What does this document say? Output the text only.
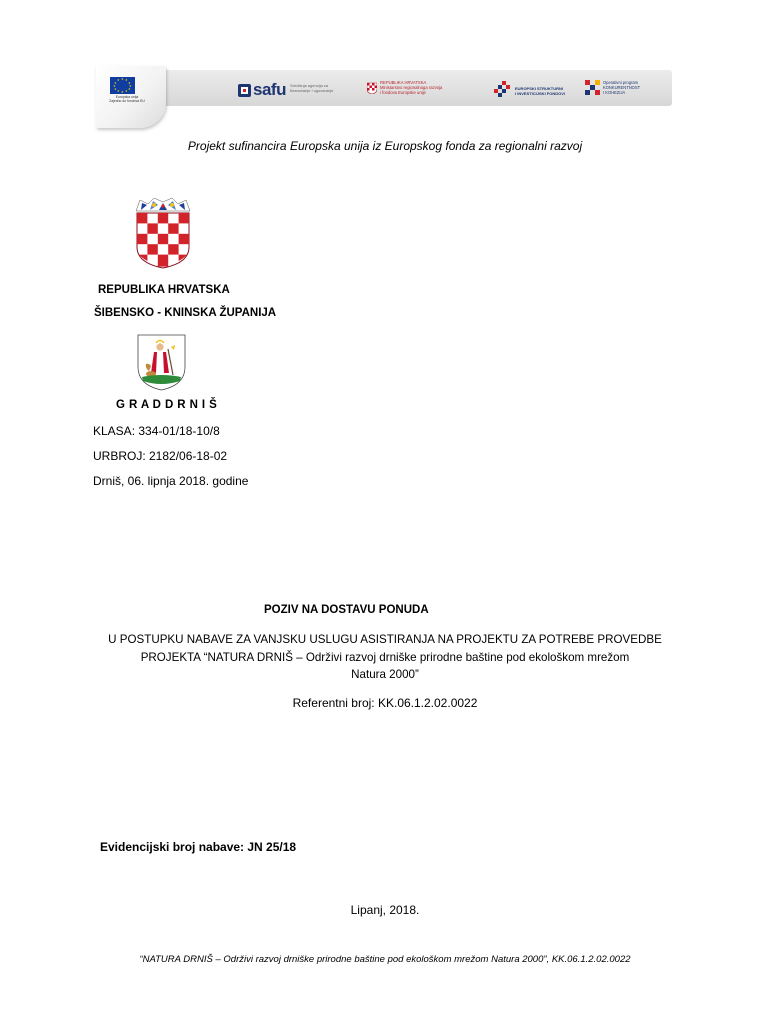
★ ★
★
★
★
★
★
★
★
★
★
★
Europska unija
Zajedno do fondova EU
safu Središnja agencija za
financiranje i ugovaranje
REPUBLIKA HRVATSKA
Ministarstvo regionalnoga razvoja
i fondova Europske unije
EUROPSKI STRUKTURNI
I INVESTICIJSKI FONDOVI
Operativni program
KONKURENTNOST
I KOHEZIJA
Projekt sufinancira Europska unija iz Europskog fonda za regionalni razvoj
REPUBLIKA HRVATSKA
ŠIBENSKO - KNINSKA ŽUPANIJA
G R A D D R N I Š
KLASA: 334-01/18-10/8
URBROJ: 2182/06-18-02
Drniš, 06. lipnja 2018. godine
POZIV NA DOSTAVU PONUDA
U POSTUPKU NABAVE ZA VANJSKU USLUGU ASISTIRANJA NA PROJEKTU ZA POTREBE PROVEDBE
PROJEKTA “NATURA DRNIŠ – Održivi razvoj drniške prirodne baštine pod ekološkom mrežom
Natura 2000”
Referentni broj: KK.06.1.2.02.0022
Evidencijski broj nabave: JN 25/18
Lipanj, 2018.
“NATURA DRNIŠ – Održivi razvoj drniške prirodne baštine pod ekološkom mrežom Natura 2000”, KK.06.1.2.02.0022
